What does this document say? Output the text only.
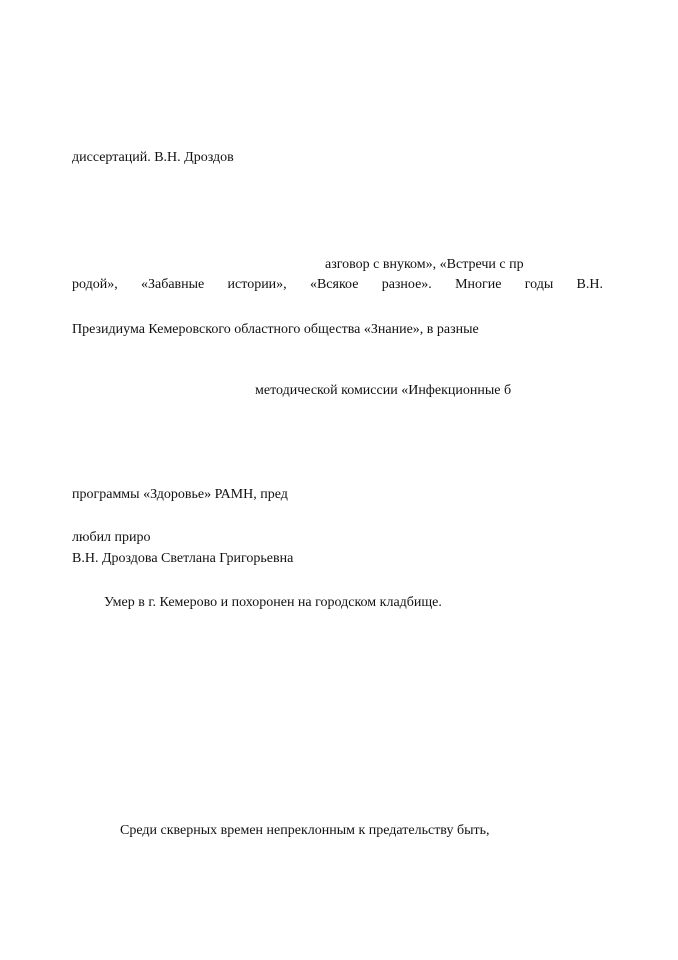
диссертаций. В.Н. Дроздов
азговор с внуком», «Встречи с пр
родой», «Забавные истории», «Всякое разное». Многие годы В.Н.
Президиума Кемеровского областного общества «Знание», в разные
методической комиссии «Инфекционные б
программы «Здоровье» РАМН, пред
любил приро
В.Н. Дроздова Светлана Григорьевна
Умер в г. Кемерово и похоронен на городском кладбище.
Среди скверных времен непреклонным к предательству быть,
